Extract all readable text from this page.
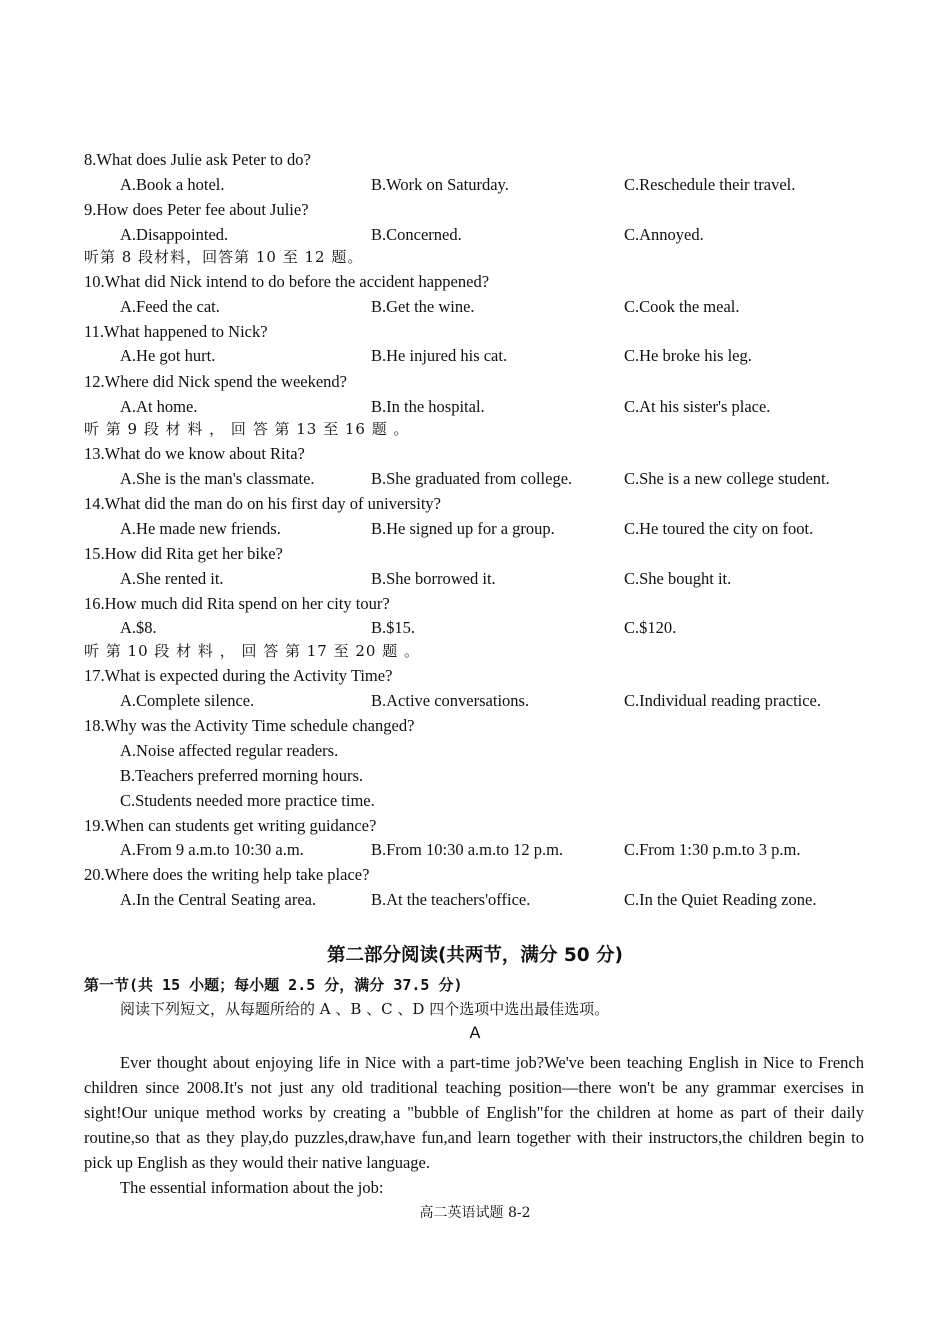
8.What does Julie ask Peter to do?
A.Book a hotel.	B.Work on Saturday.	C.Reschedule their travel.
9.How does Peter fee about Julie?
A.Disappointed.	B.Concerned.	C.Annoyed.
听第 8 段材料，回答第 10 至 12 题。
10.What did Nick intend to do before the accident happened?
A.Feed the cat.	B.Get the wine.	C.Cook the meal.
11.What happened to Nick?
A.He got hurt.	B.He injured his cat.	C.He broke his leg.
12.Where did Nick spend the weekend?
A.At home.	B.In the hospital.	C.At his sister's place.
听 第 9 段 材 料 ， 回 答 第 13 至 16 题 。
13.What do we know about Rita?
A.She is the man's classmate.	B.She graduated from college.	C.She is a new college student.
14.What did the man do on his first day of university?
A.He made new friends.	B.He signed up for a group.	C.He toured the city on foot.
15.How did Rita get her bike?
A.She rented it.	B.She borrowed it.	C.She bought it.
16.How much did Rita spend on her city tour?
A.$8.	B.$15.	C.$120.
听 第 10 段 材 料 ， 回 答 第 17 至 20 题 。
17.What is expected during the Activity Time?
A.Complete silence.	B.Active conversations.	C.Individual reading practice.
18.Why was the Activity Time schedule changed?
A.Noise affected regular readers.
B.Teachers preferred morning hours.
C.Students needed more practice time.
19.When can students get writing guidance?
A.From 9 a.m.to 10:30 a.m.	B.From 10:30 a.m.to 12 p.m.	C.From 1:30 p.m.to 3 p.m.
20.Where does the writing help take place?
A.In the Central Seating area.	B.At the teachers'office.	C.In the Quiet Reading zone.
第二部分阅读(共两节，满分 50 分)
第一节(共 15 小题；每小题 2.5 分，满分 37.5 分)
阅读下列短文，从每题所给的 A 、B 、C 、D 四个选项中选出最佳选项。
A
Ever thought about enjoying life in Nice with a part-time job?We've been teaching English in Nice to French children since 2008.It's not just any old traditional teaching position—there won't be any grammar exercises in sight!Our unique method works by creating a "bubble of English"for the children at home as part of their daily routine,so that as they play,do puzzles,draw,have fun,and learn together with their instructors,the children begin to pick up English as they would their native language.
The essential information about the job:
高二英语试题 8-2
